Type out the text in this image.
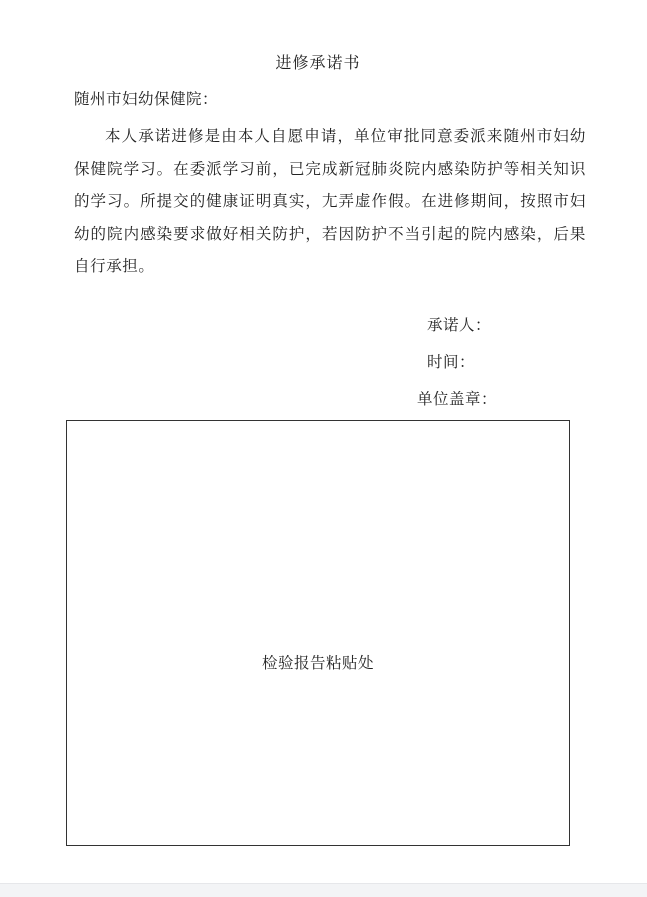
进修承诺书
随州市妇幼保健院：

本人承诺进修是由本人自愿申请，单位审批同意委派来随州市妇幼保健院学习。在委派学习前，已完成新冠肺炎院内感染防护等相关知识的学习。所提交的健康证明真实，尢弄虚作假。在进修期间，按照市妇幼的院内感染要求做好相关防护，若因防护不当引起的院内感染，后果自行承担。

承诺人：
时间：
单位盖章：
检验报告粘贴处
